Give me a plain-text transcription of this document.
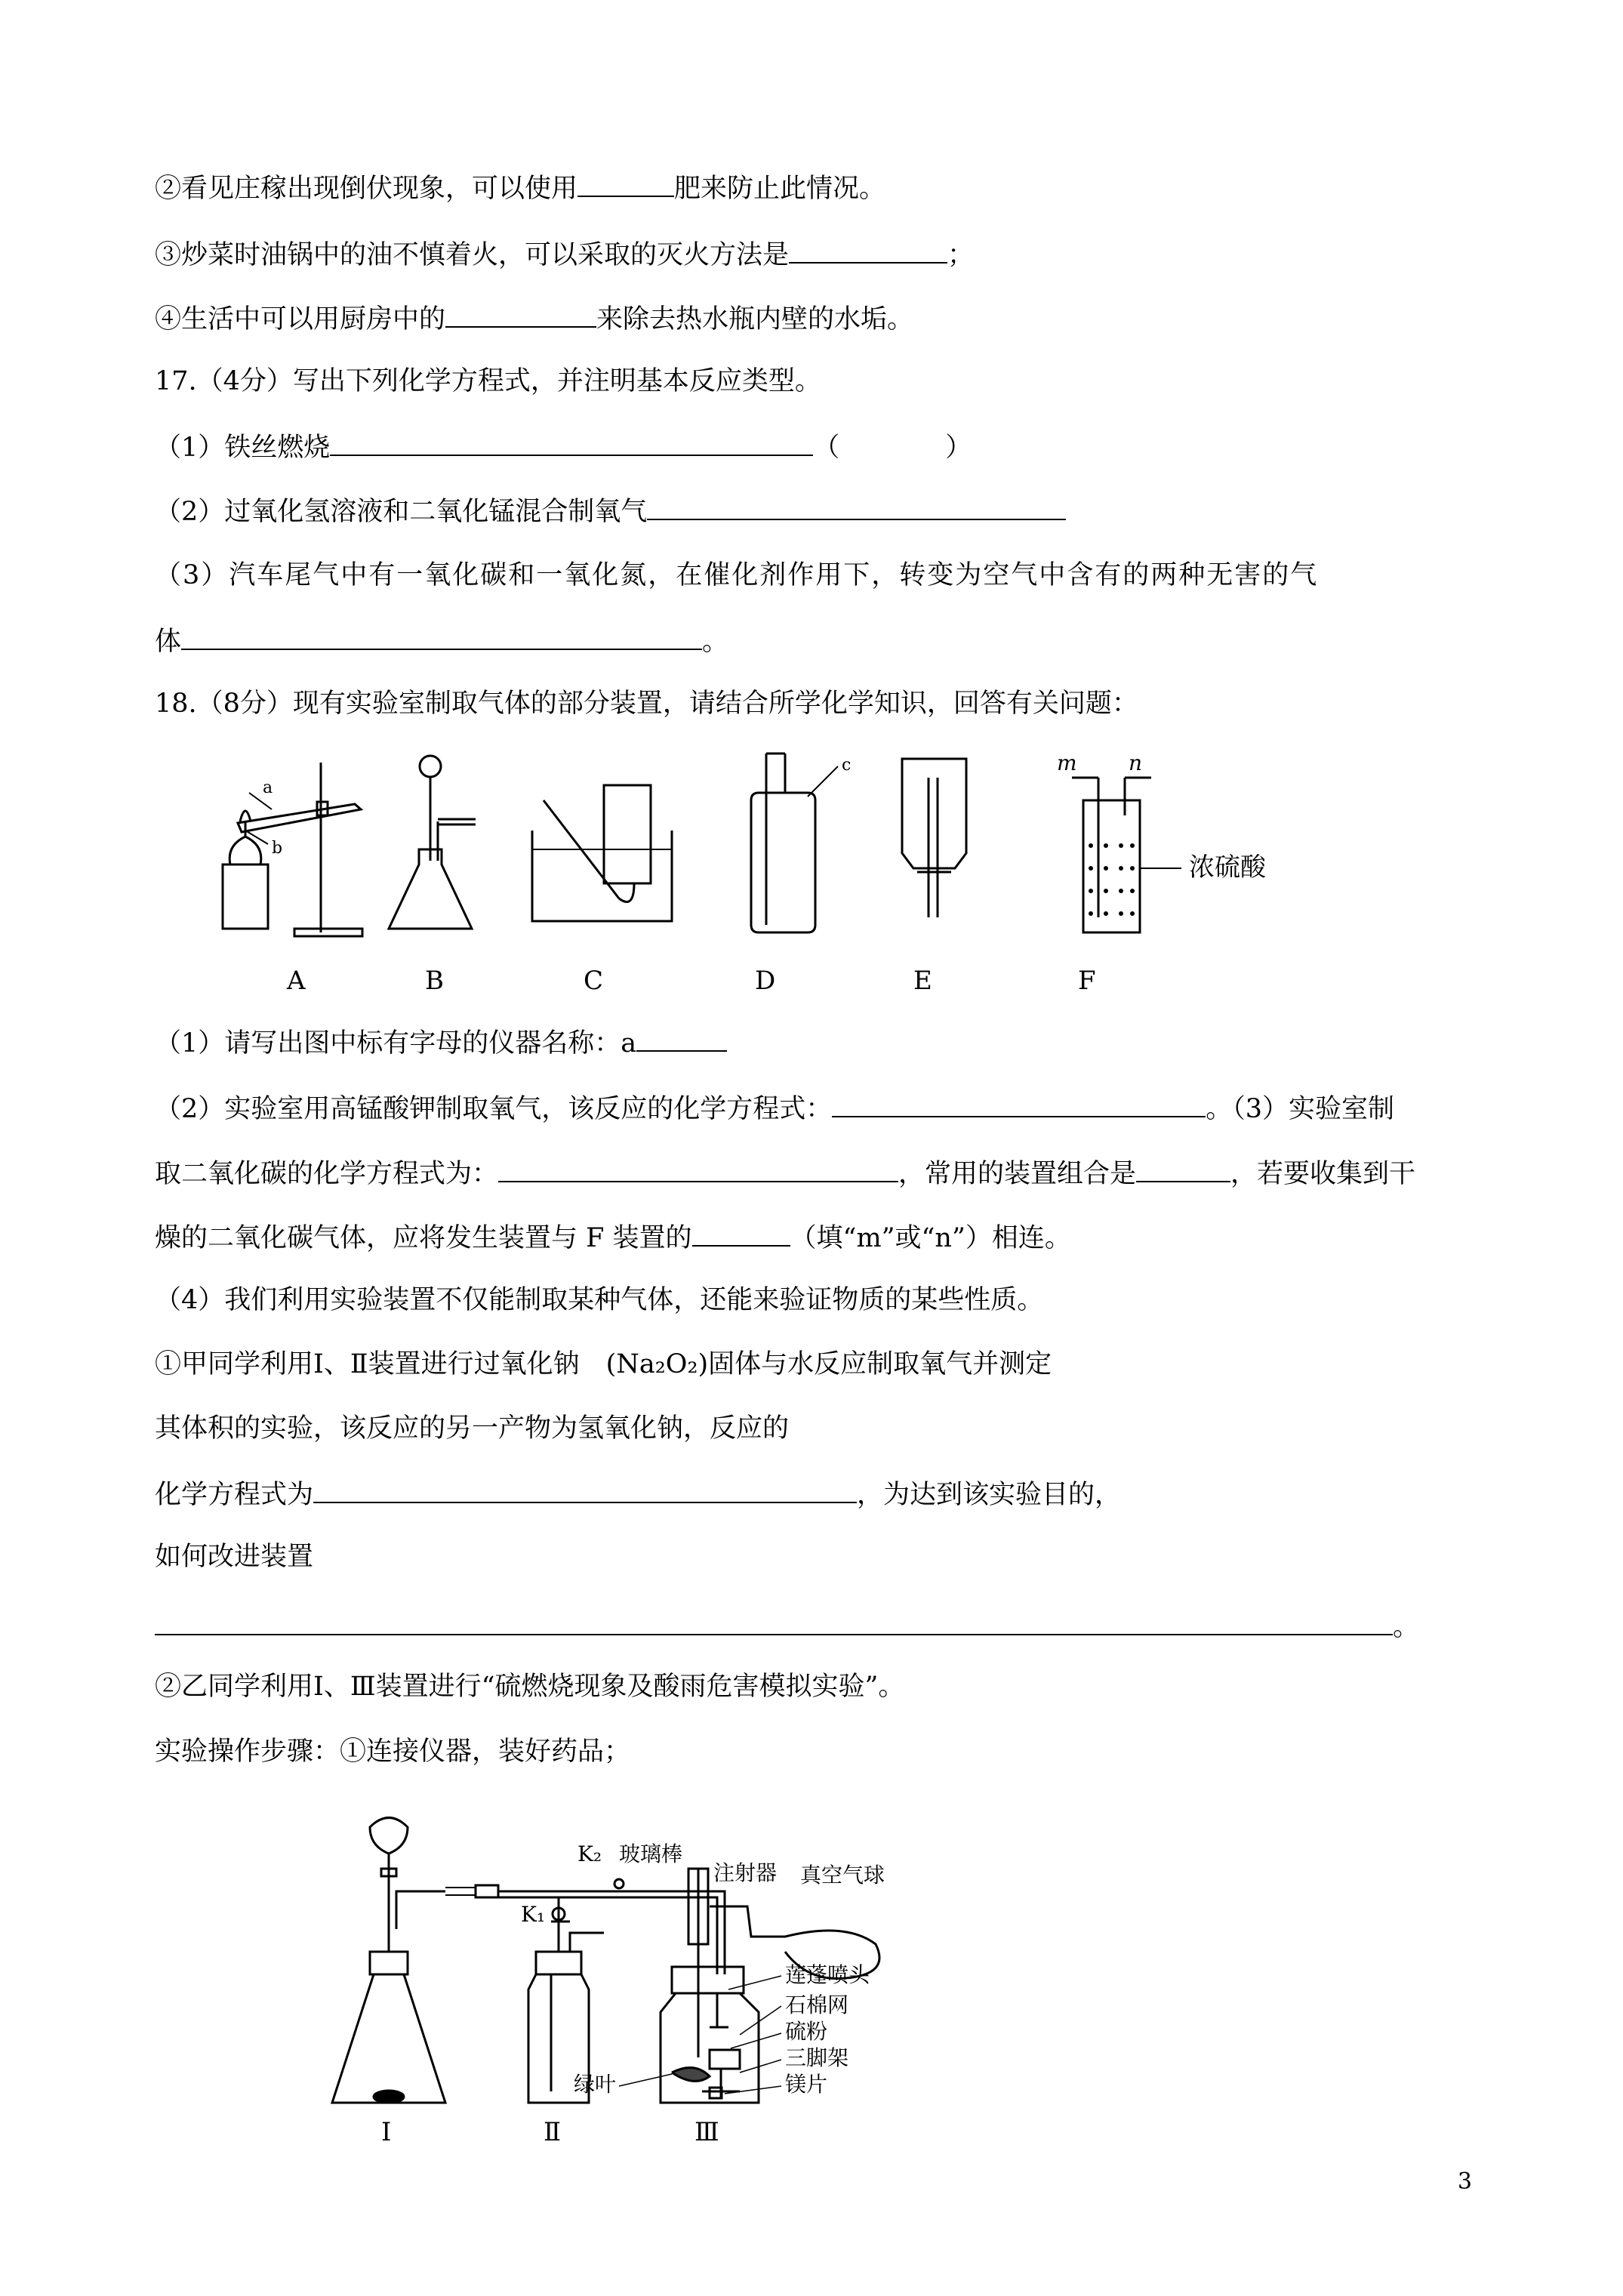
②看见庄稼出现倒伏现象，可以使用	肥来防止此情况。
③炒菜时油锅中的油不慎着火，可以采取的灭火方法是	；
④生活中可以用厨房中的	来除去热水瓶内壁的水垢。
17.（4分）写出下列化学方程式，并注明基本反应类型。
（1）铁丝燃烧	（　　　　）
（2）过氧化氢溶液和二氧化锰混合制氧气
（3）汽车尾气中有一氧化碳和一氧化氮，在催化剂作用下，转变为空气中含有的两种无害的气
体	。
18.（8分）现有实验室制取气体的部分装置，请结合所学化学知识，回答有关问题：
a
b
c	m n
浓硫酸
A	B	C	D	E	F
（1）请写出图中标有字母的仪器名称：a
（2）实验室用高锰酸钾制取氧气，该反应的化学方程式：	。（3）实验室制
取二氧化碳的化学方程式为：	，常用的装置组合是	，若要收集到干
燥的二氧化碳气体，应将发生装置与 F 装置的	（填“m”或“n”）相连。
（4）我们利用实验装置不仅能制取某种气体，还能来验证物质的某些性质。
①甲同学利用Ⅰ、Ⅱ装置进行过氧化钠　(Na₂O₂)固体与水反应制取氧气并测定
其体积的实验，该反应的另一产物为氢氧化钠，反应的
化学方程式为	，为达到该实验目的，
如何改进装置
。
②乙同学利用Ⅰ、Ⅲ装置进行“硫燃烧现象及酸雨危害模拟实验”。
实验操作步骤：①连接仪器，装好药品；
K₂
K₁
玻璃棒
注射器 真空气球
莲蓬喷头
石棉网
硫粉
三脚架
镁片
绿叶
Ⅰ	Ⅱ	Ⅲ
3
